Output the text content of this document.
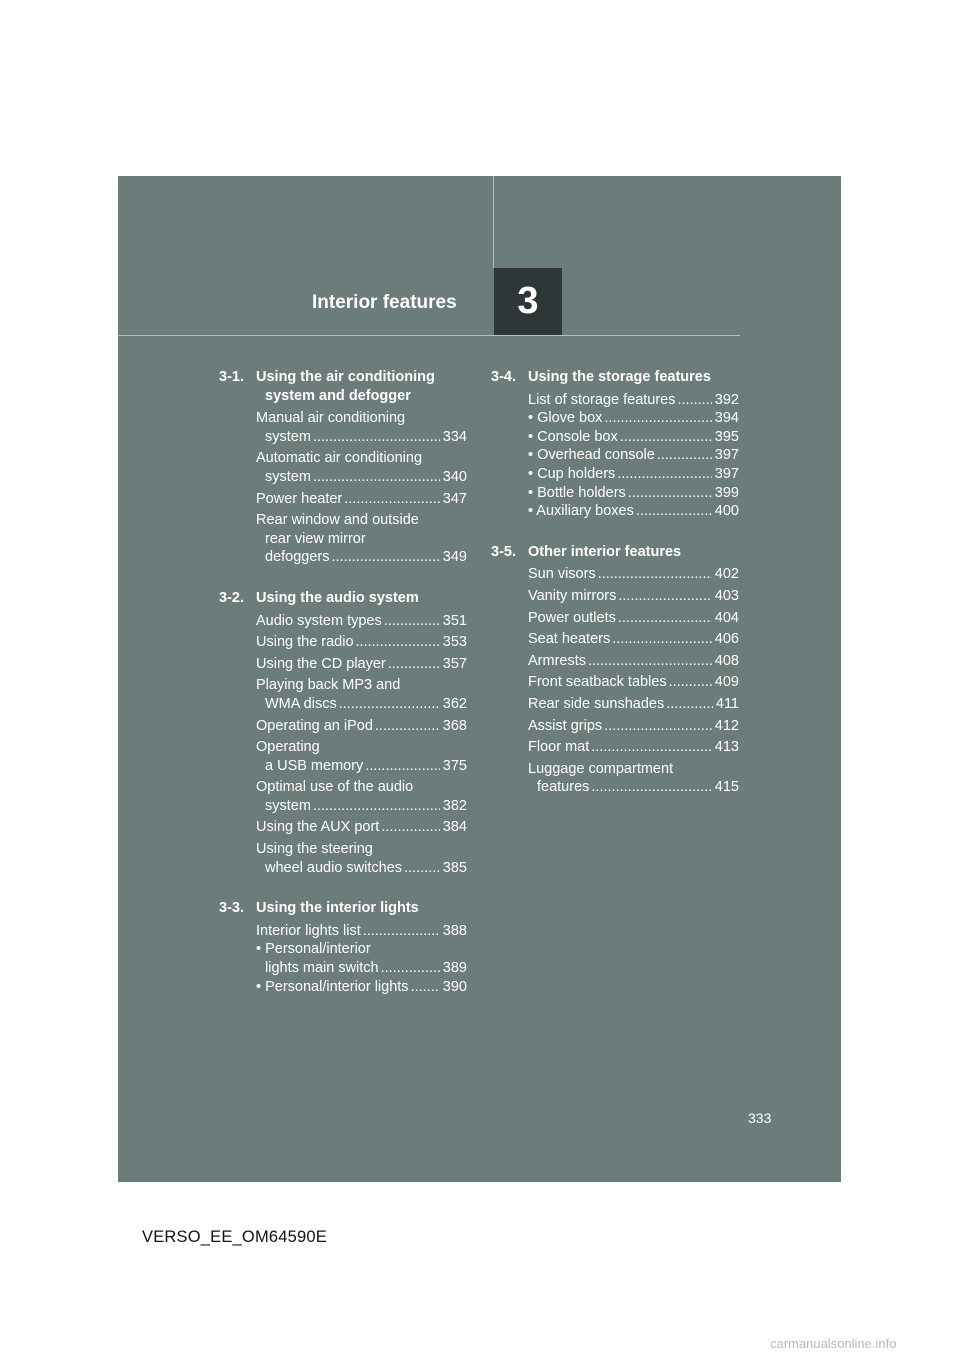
Interior features 3
3-1. Using the air conditioning
system and defogger
Manual air conditioning
system .....	334
Automatic air conditioning
system .....	340
Power heater .....	347
Rear window and outside
rear view mirror
defoggers .....	349
3-2. Using the audio system
Audio system types .....	351
Using the radio .....	353
Using the CD player .....	357
Playing back MP3 and
WMA discs .....	362
Operating an iPod .....	368
Operating
a USB memory .....	375
Optimal use of the audio
system .....	382
Using the AUX port .....	384
Using the steering
wheel audio switches .....	385
3-3. Using the interior lights
Interior lights list .....	388
• Personal/interior
lights main switch .....	389
• Personal/interior lights ..... 390
3-4. Using the storage features
List of storage features .....	392
• Glove box .....	394
• Console box .....	395
• Overhead console .....	397
• Cup holders .....	397
• Bottle holders .....	399
• Auxiliary boxes .....	400
3-5. Other interior features
Sun visors .....	402
Vanity mirrors .....	403
Power outlets .....	404
Seat heaters .....	406
Armrests .....	408
Front seatback tables .....	409
Rear side sunshades .....	411
Assist grips .....	412
Floor mat .....	413
Luggage compartment
features .....	415
333
VERSO_EE_OM64590E
carmanualsonline.info
